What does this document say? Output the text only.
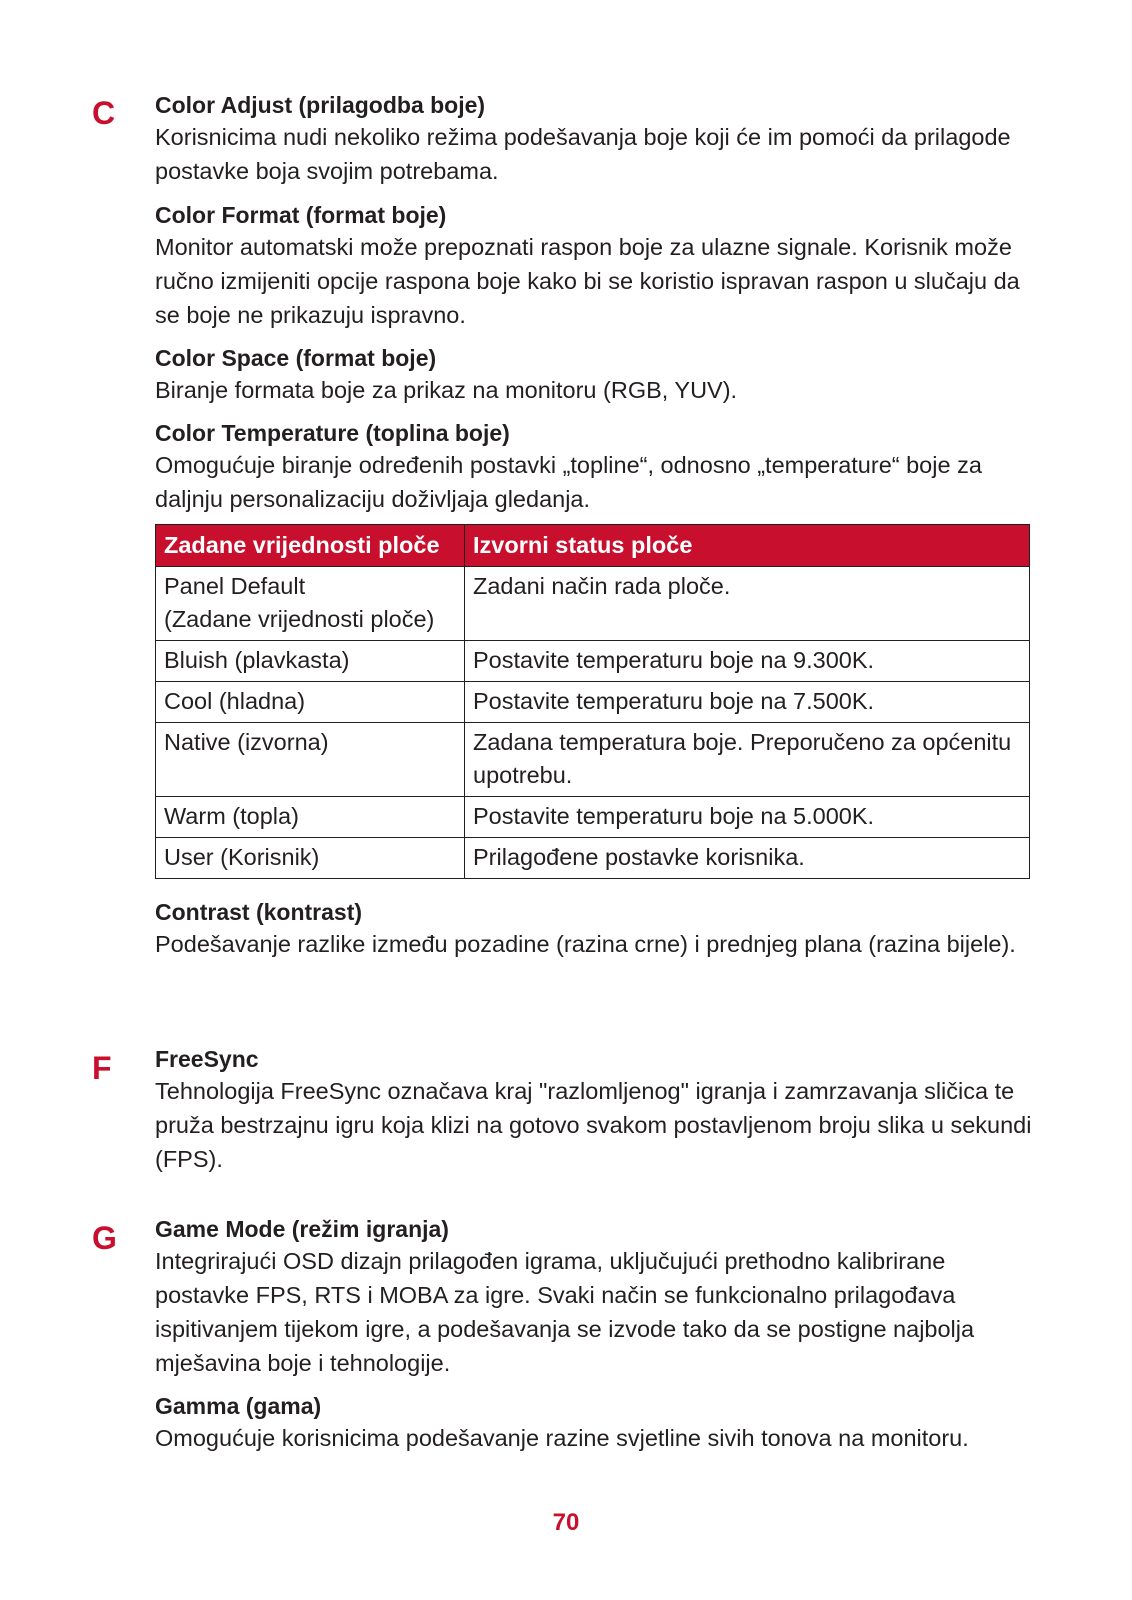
C Color Adjust (prilagodba boje)

Korisnicima nudi nekoliko režima podešavanja boje koji će im pomoći da prilagode postavke boja svojim potrebama.

Color Format (format boje)

Monitor automatski može prepoznati raspon boje za ulazne signale. Korisnik može ručno izmijeniti opcije raspona boje kako bi se koristio ispravan raspon u slučaju da se boje ne prikazuju ispravno.

Color Space (format boje)

Biranje formata boje za prikaz na monitoru (RGB, YUV).

Color Temperature (toplina boje)

Omogućuje biranje određenih postavki „topline“, odnosno „temperature“ boje za daljnju personalizaciju doživljaja gledanja.

Zadane vrijednosti ploče	Izvorni status ploče
Panel Default
(Zadane vrijednosti ploče)	Zadani način rada ploče.
Bluish (plavkasta)	Postavite temperaturu boje na 9.300K.
Cool (hladna)	Postavite temperaturu boje na 7.500K.
Native (izvorna)	Zadana temperatura boje. Preporučeno za općenitu upotrebu.
Warm (topla)	Postavite temperaturu boje na 5.000K.
User (Korisnik)	Prilagođene postavke korisnika.

Contrast (kontrast)

Podešavanje razlike između pozadine (razina crne) i prednjeg plana (razina bijele).

F FreeSync

Tehnologija FreeSync označava kraj "razlomljenog" igranja i zamrzavanja sličica te pruža bestrzajnu igru koja klizi na gotovo svakom postavljenom broju slika u sekundi (FPS).

G Game Mode (režim igranja)

Integrirajući OSD dizajn prilagođen igrama, uključujući prethodno kalibrirane postavke FPS, RTS i MOBA za igre. Svaki način se funkcionalno prilagođava ispitivanjem tijekom igre, a podešavanja se izvode tako da se postigne najbolja mješavina boje i tehnologije.

Gamma (gama)

Omogućuje korisnicima podešavanje razine svjetline sivih tonova na monitoru.

70
